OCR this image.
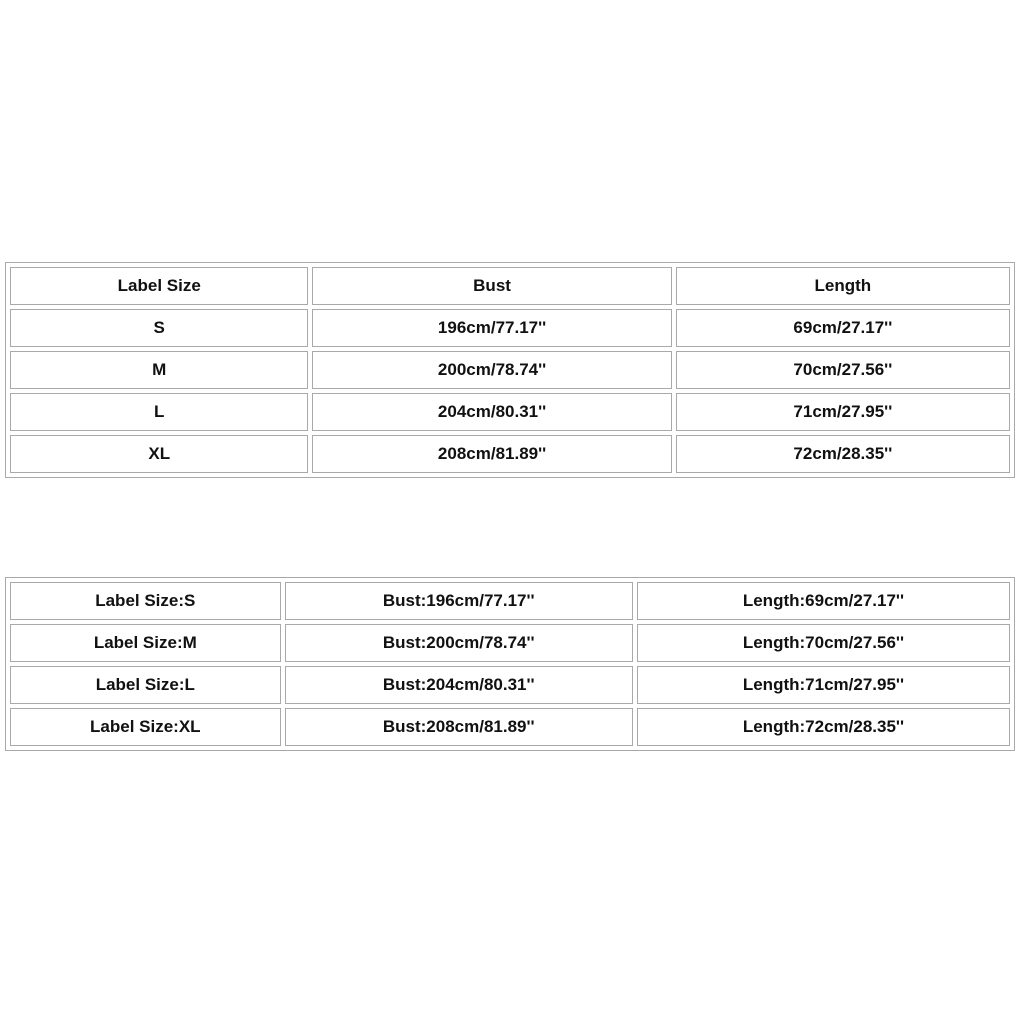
Label Size	Bust	Length
S	196cm/77.17''	69cm/27.17''
M	200cm/78.74''	70cm/27.56''
L	204cm/80.31''	71cm/27.95''
XL	208cm/81.89''	72cm/28.35''
Label Size:S	Bust:196cm/77.17''	Length:69cm/27.17''
Label Size:M	Bust:200cm/78.74''	Length:70cm/27.56''
Label Size:L	Bust:204cm/80.31''	Length:71cm/27.95''
Label Size:XL	Bust:208cm/81.89''	Length:72cm/28.35''
